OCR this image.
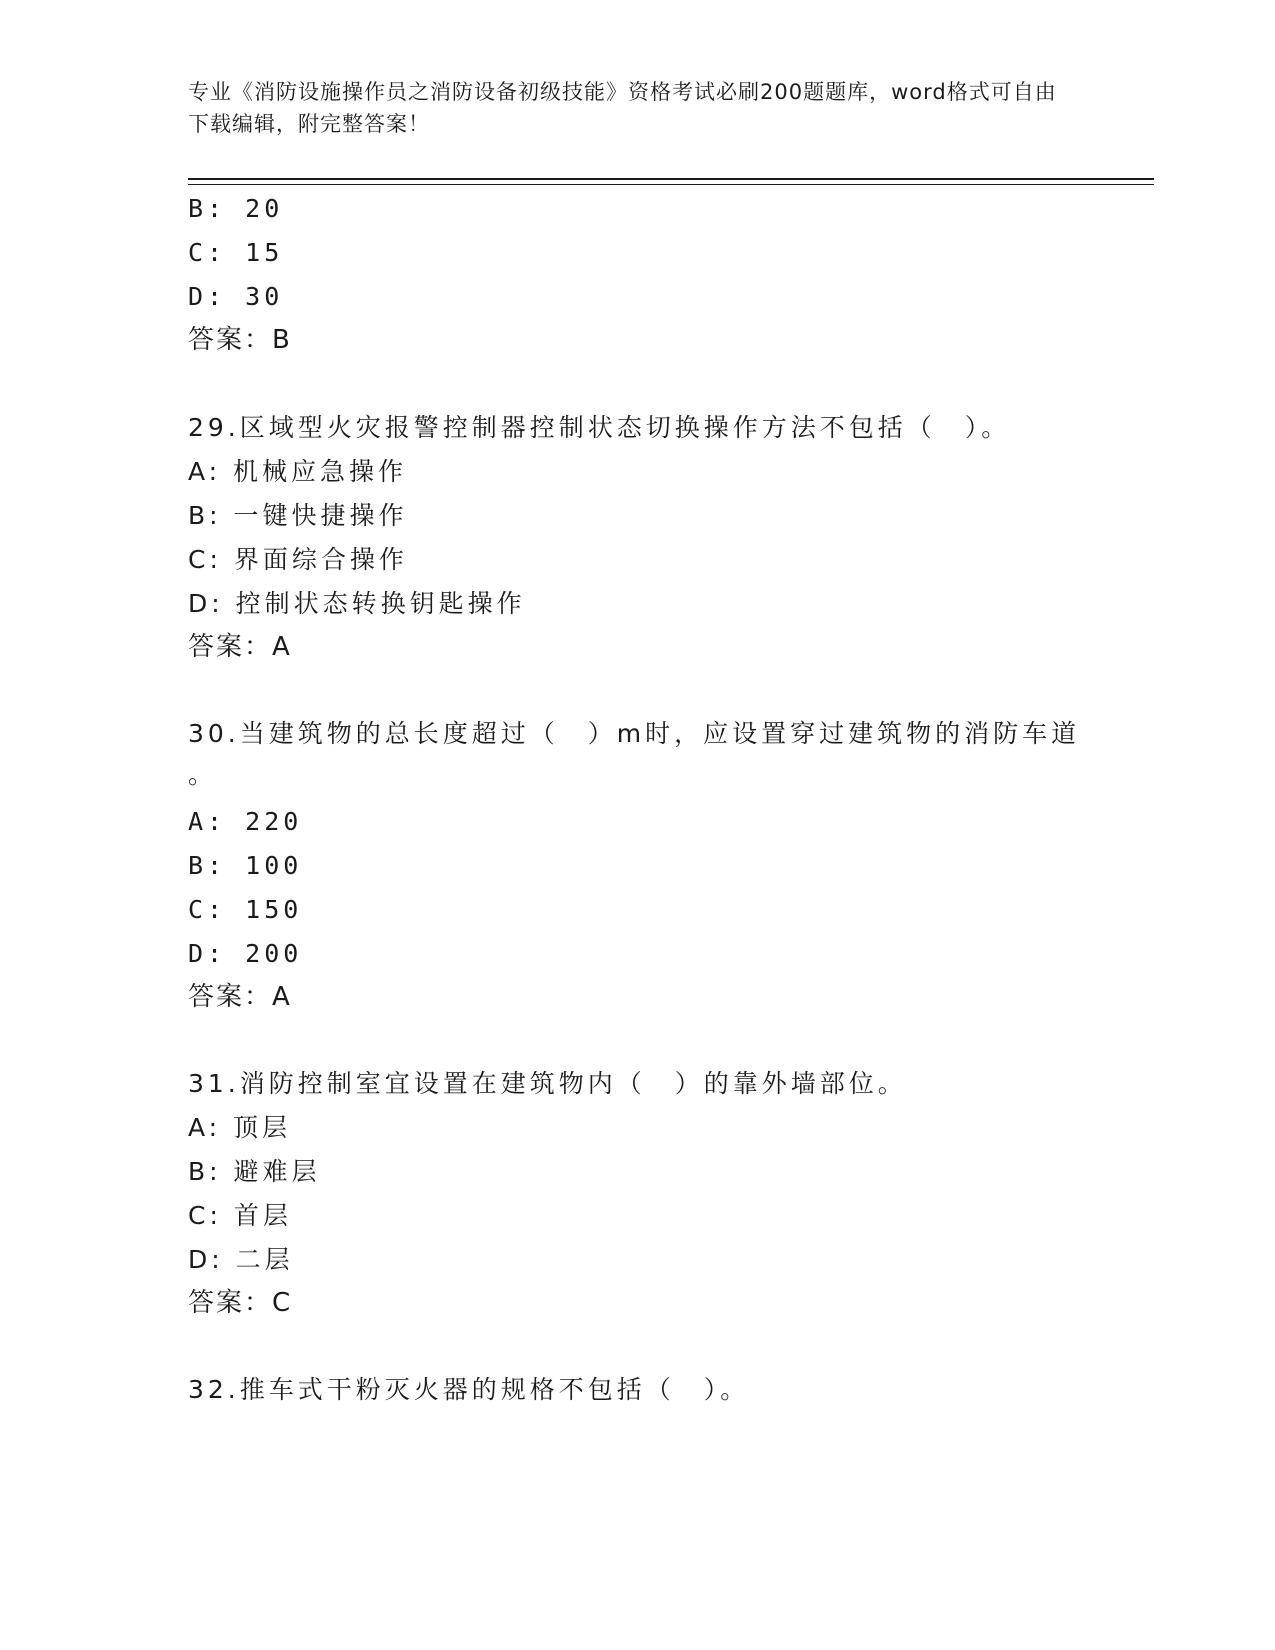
专业《消防设施操作员之消防设备初级技能》资格考试必刷200题题库，word格式可自由下载编辑，附完整答案！
B: 20
C: 15
D: 30
答案：B
29.区域型火灾报警控制器控制状态切换操作方法不包括（　）。
A: 机械应急操作
B: 一键快捷操作
C: 界面综合操作
D: 控制状态转换钥匙操作
答案：A
30.当建筑物的总长度超过（　）m时，应设置穿过建筑物的消防车道
。
A: 220
B: 100
C: 150
D: 200
答案：A
31.消防控制室宜设置在建筑物内（　）的靠外墙部位。
A: 顶层
B: 避难层
C: 首层
D: 二层
答案：C
32.推车式干粉灭火器的规格不包括（　）。
